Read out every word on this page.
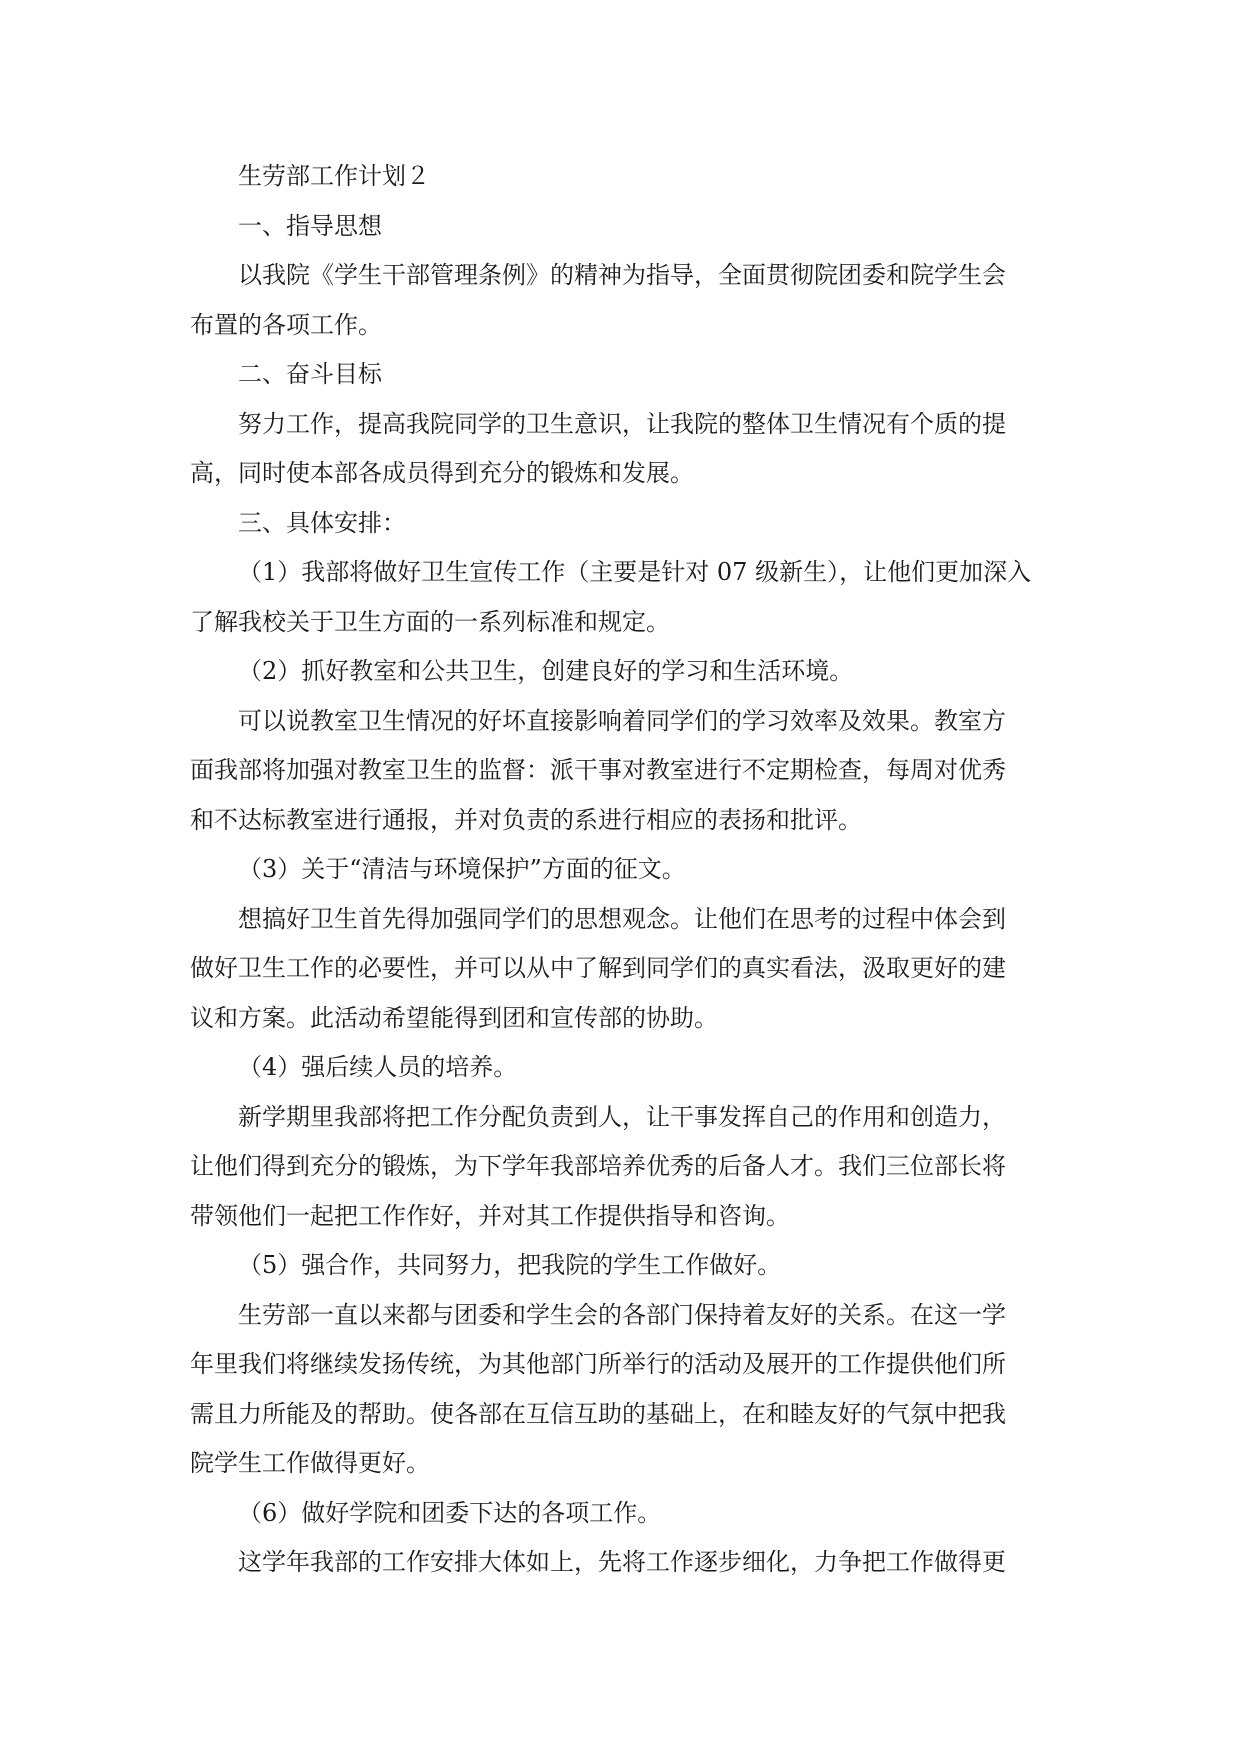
生劳部工作计划２

一、指导思想

以我院《学生干部管理条例》的精神为指导，全面贯彻院团委和院学生会

布置的各项工作。

二、奋斗目标

努力工作，提高我院同学的卫生意识，让我院的整体卫生情况有个质的提

高，同时使本部各成员得到充分的锻炼和发展。

三、具体安排：

（1）我部将做好卫生宣传工作（主要是针对 07 级新生），让他们更加深入

了解我校关于卫生方面的一系列标准和规定。

（2）抓好教室和公共卫生，创建良好的学习和生活环境。

可以说教室卫生情况的好坏直接影响着同学们的学习效率及效果。教室方

面我部将加强对教室卫生的监督：派干事对教室进行不定期检查，每周对优秀

和不达标教室进行通报，并对负责的系进行相应的表扬和批评。

（3）关于“清洁与环境保护”方面的征文。

想搞好卫生首先得加强同学们的思想观念。让他们在思考的过程中体会到

做好卫生工作的必要性，并可以从中了解到同学们的真实看法，汲取更好的建

议和方案。此活动希望能得到团和宣传部的协助。

（4）强后续人员的培养。

新学期里我部将把工作分配负责到人，让干事发挥自己的作用和创造力，

让他们得到充分的锻炼，为下学年我部培养优秀的后备人才。我们三位部长将

带领他们一起把工作作好，并对其工作提供指导和咨询。

（5）强合作，共同努力，把我院的学生工作做好。

生劳部一直以来都与团委和学生会的各部门保持着友好的关系。在这一学

年里我们将继续发扬传统，为其他部门所举行的活动及展开的工作提供他们所

需且力所能及的帮助。使各部在互信互助的基础上，在和睦友好的气氛中把我

院学生工作做得更好。

（6）做好学院和团委下达的各项工作。

这学年我部的工作安排大体如上，先将工作逐步细化，力争把工作做得更
